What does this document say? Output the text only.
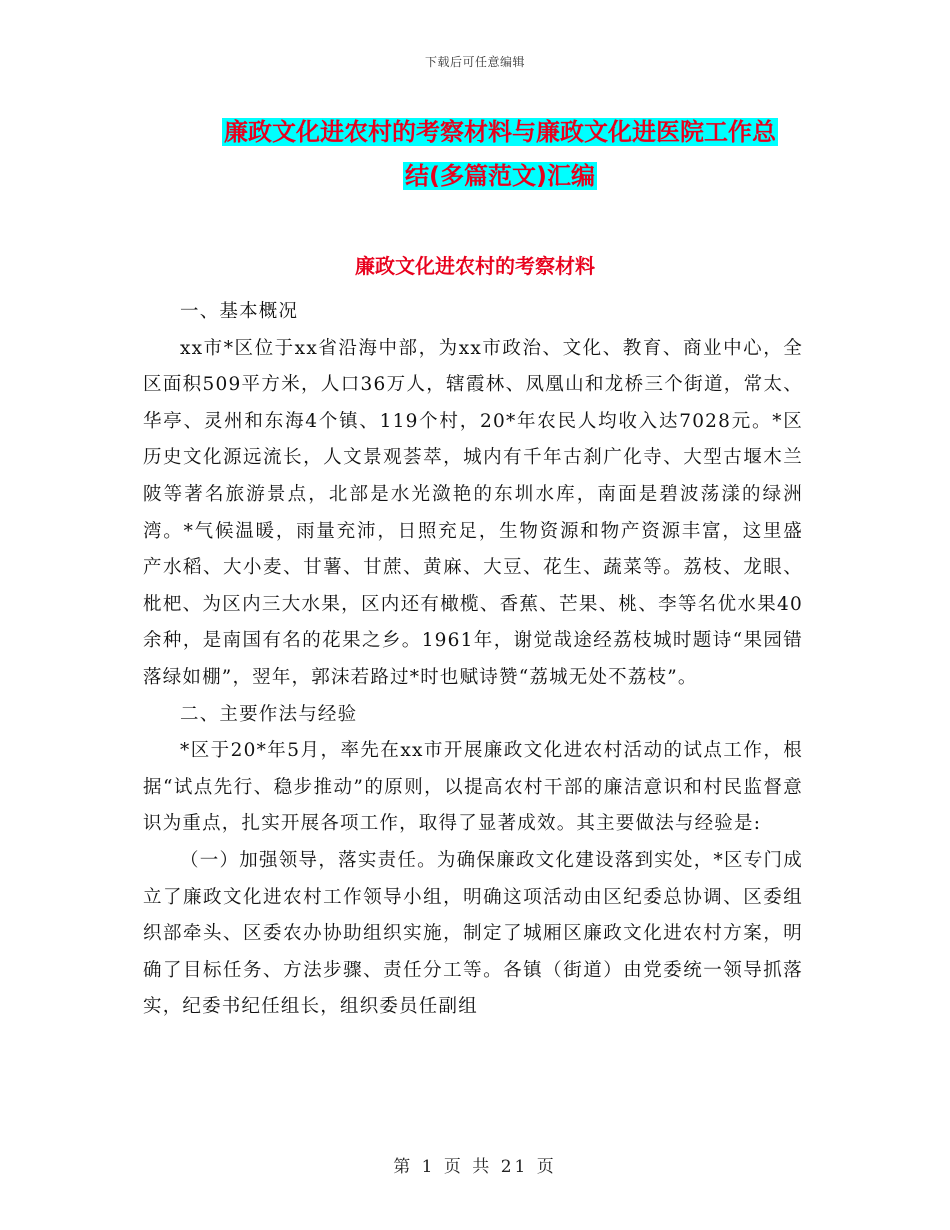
下载后可任意编辑
廉政文化进农村的考察材料与廉政文化进医院工作总
结(多篇范文)汇编
廉政文化进农村的考察材料

一、基本概况

xx市*区位于xx省沿海中部，为xx市政治、文化、教育、商业中心，全区面积509平方米，人口36万人，辖霞林、凤凰山和龙桥三个街道，常太、华亭、灵州和东海4个镇、119个村，20*年农民人均收入达7028元。*区历史文化源远流长，人文景观荟萃，城内有千年古刹广化寺、大型古堰木兰陂等著名旅游景点，北部是水光潋艳的东圳水库，南面是碧波荡漾的绿洲湾。*气候温暖，雨量充沛，日照充足，生物资源和物产资源丰富，这里盛产水稻、大小麦、甘薯、甘蔗、黄麻、大豆、花生、蔬菜等。荔枝、龙眼、枇杷、为区内三大水果，区内还有橄榄、香蕉、芒果、桃、李等名优水果40余种，是南国有名的花果之乡。1961年，谢觉哉途经荔枝城时题诗“果园错落绿如棚”，翌年，郭沫若路过*时也赋诗赞“荔城无处不荔枝”。

二、主要作法与经验

*区于20*年5月，率先在xx市开展廉政文化进农村活动的试点工作，根据“试点先行、稳步推动”的原则，以提高农村干部的廉洁意识和村民监督意识为重点，扎实开展各项工作，取得了显著成效。其主要做法与经验是:

（一）加强领导，落实责任。为确保廉政文化建设落到实处，*区专门成立了廉政文化进农村工作领导小组，明确这项活动由区纪委总协调、区委组织部牵头、区委农办协助组织实施，制定了城厢区廉政文化进农村方案，明确了目标任务、方法步骤、责任分工等。各镇（街道）由党委统一领导抓落实，纪委书纪任组长，组织委员任副组

第 1 页 共 21 页
